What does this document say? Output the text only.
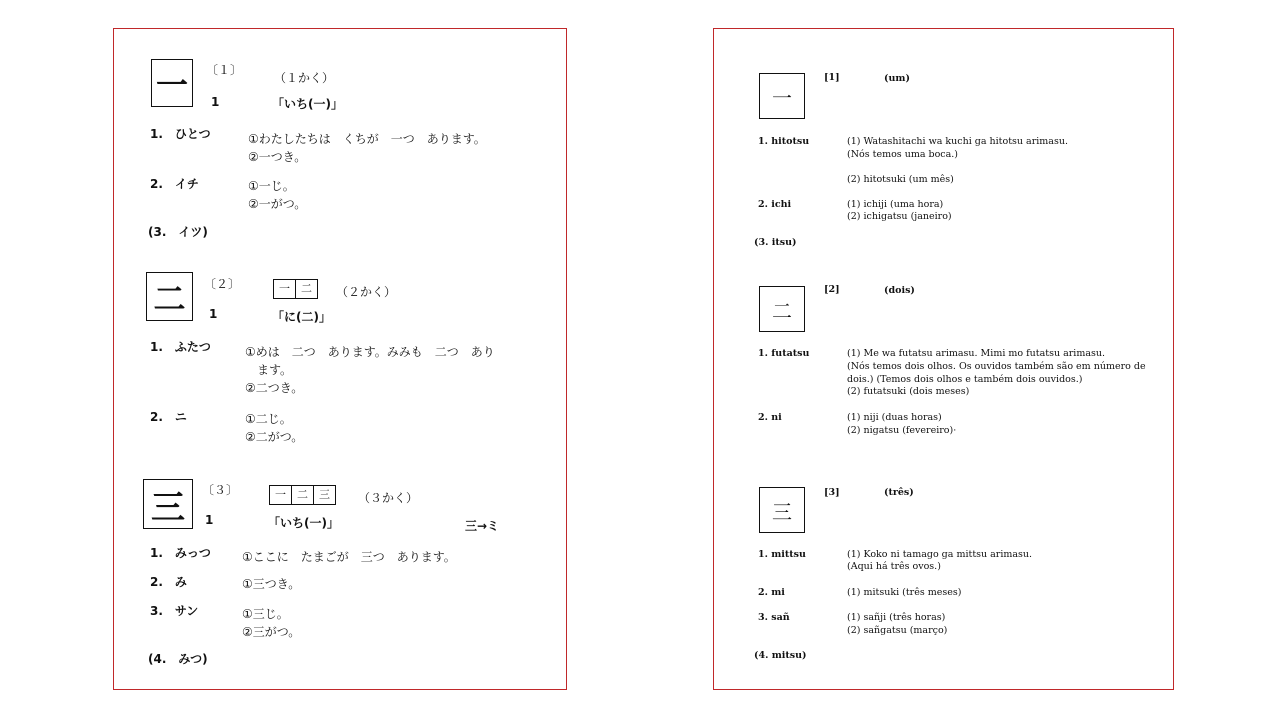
一 〔１〕
（１かく）
1	「いち(一)」
1.　ひとつ	①わたしたちは　くちが　一つ　あります。
②一つき。
2.　イチ	①一じ。
②一がつ。
(3.　イツ)
二 〔２〕	一	二	（２かく）
1	「に(二)」
1.　ふたつ	①めは　二つ　あります。みみも　二つ　あり
　ます。
②二つき。
2.　ニ	①二じ。
②二がつ。
三 〔３〕	一	二	三	（３かく）
1	「いち(一)」	三→ミ
1.　みっつ	①ここに　たまごが　三つ　あります。
2.　み	①三つき。
3.　サン	①三じ。
②三がつ。
(4.　みつ)
一
[1]	(um)
1. hitotsu	(1) Watashitachi wa kuchi ga hitotsu arimasu.
(Nós temos uma boca.)
(2) hitotsuki (um mês)
2. ichi	(1) ichiji (uma hora)
(2) ichigatsu (janeiro)
(3. itsu)
二
[2]	(dois)
1. futatsu	(1) Me wa futatsu arimasu. Mimi mo futatsu arimasu.
(Nós temos dois olhos. Os ouvidos também são em número de
dois.) (Temos dois olhos e também dois ouvidos.)
(2) futatsuki (dois meses)
2. ni	(1) niji (duas horas)
(2) nigatsu (fevereiro)·
三
[3]	(três)
1. mittsu	(1) Koko ni tamago ga mittsu arimasu.
(Aqui há três ovos.)
2. mi	(1) mitsuki (três meses)
3. sañ	(1) sañji (três horas)
(2) sañgatsu (março)
(4. mitsu)
